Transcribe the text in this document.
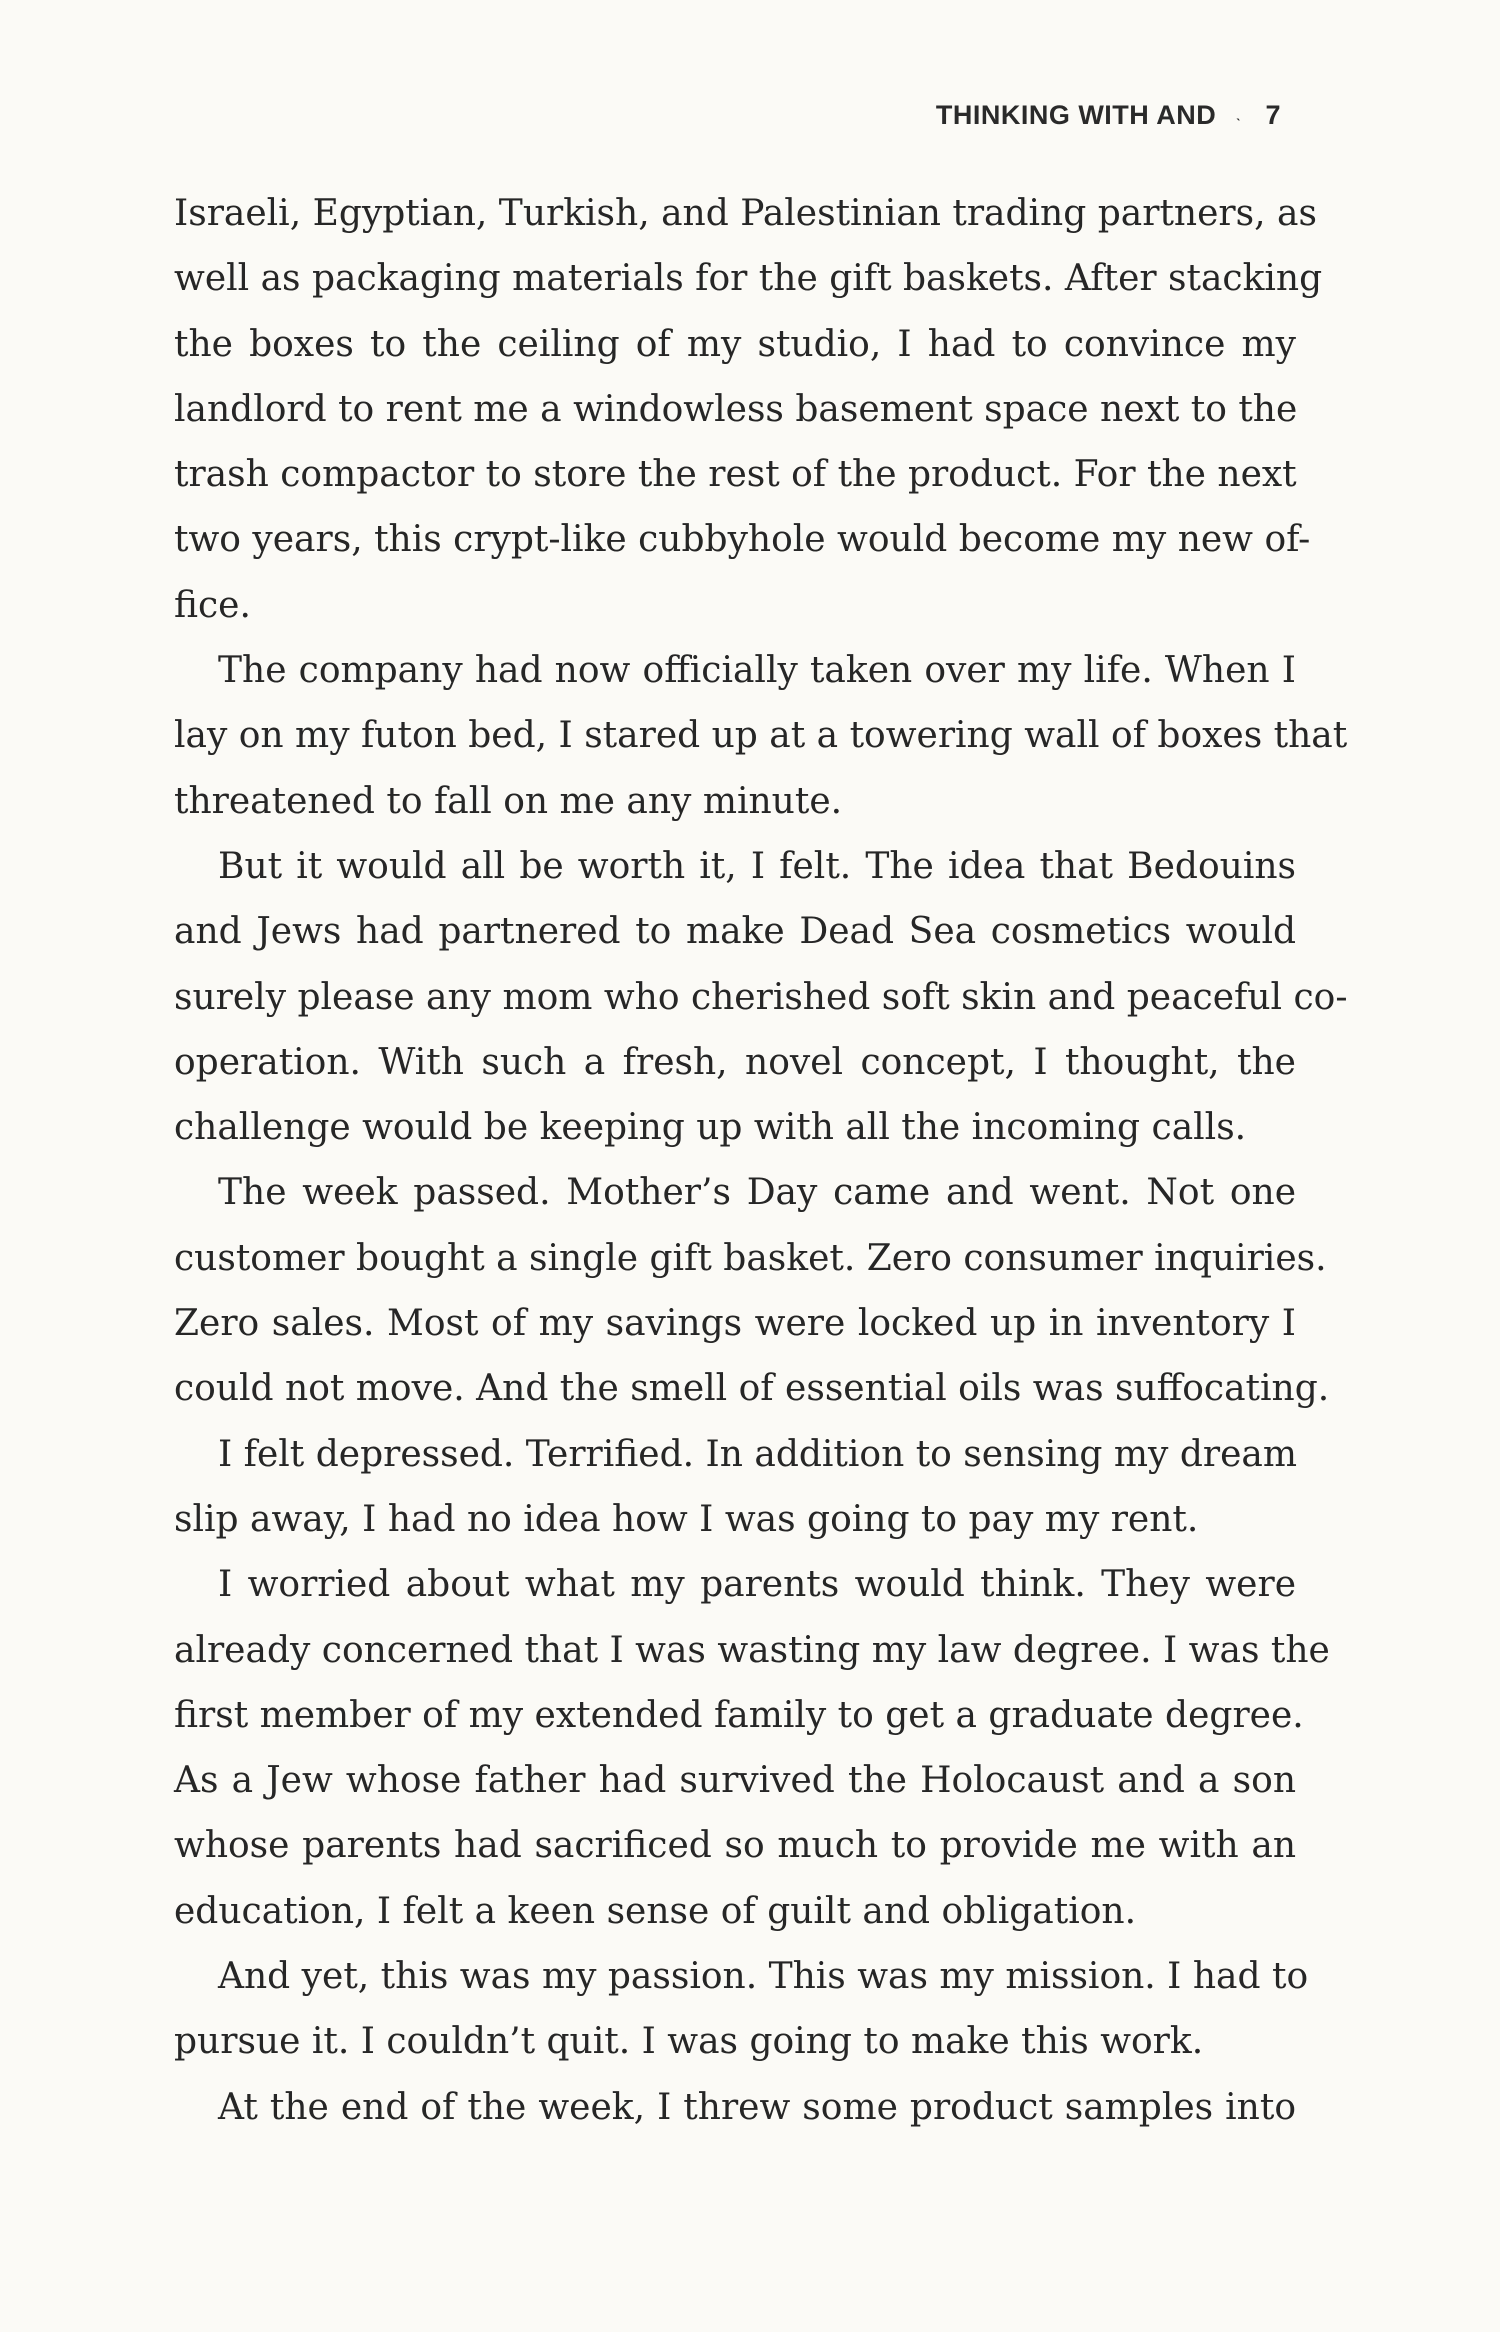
THINKING WITH AND ˎ 7
Israeli, Egyptian, Turkish, and Palestinian trading partners, as
well as packaging materials for the gift baskets. After stacking
the boxes to the ceiling of my studio, I had to convince my
landlord to rent me a windowless basement space next to the
trash compactor to store the rest of the product. For the next
two years, this crypt-like cubbyhole would become my new of-
fice.
The company had now officially taken over my life. When I
lay on my futon bed, I stared up at a towering wall of boxes that
threatened to fall on me any minute.
But it would all be worth it, I felt. The idea that Bedouins
and Jews had partnered to make Dead Sea cosmetics would
surely please any mom who cherished soft skin and peaceful co-
operation. With such a fresh, novel concept, I thought, the
challenge would be keeping up with all the incoming calls.
The week passed. Mother’s Day came and went. Not one
customer bought a single gift basket. Zero consumer inquiries.
Zero sales. Most of my savings were locked up in inventory I
could not move. And the smell of essential oils was suffocating.
I felt depressed. Terrified. In addition to sensing my dream
slip away, I had no idea how I was going to pay my rent.
I worried about what my parents would think. They were
already concerned that I was wasting my law degree. I was the
first member of my extended family to get a graduate degree.
As a Jew whose father had survived the Holocaust and a son
whose parents had sacrificed so much to provide me with an
education, I felt a keen sense of guilt and obligation.
And yet, this was my passion. This was my mission. I had to
pursue it. I couldn’t quit. I was going to make this work.
At the end of the week, I threw some product samples into
